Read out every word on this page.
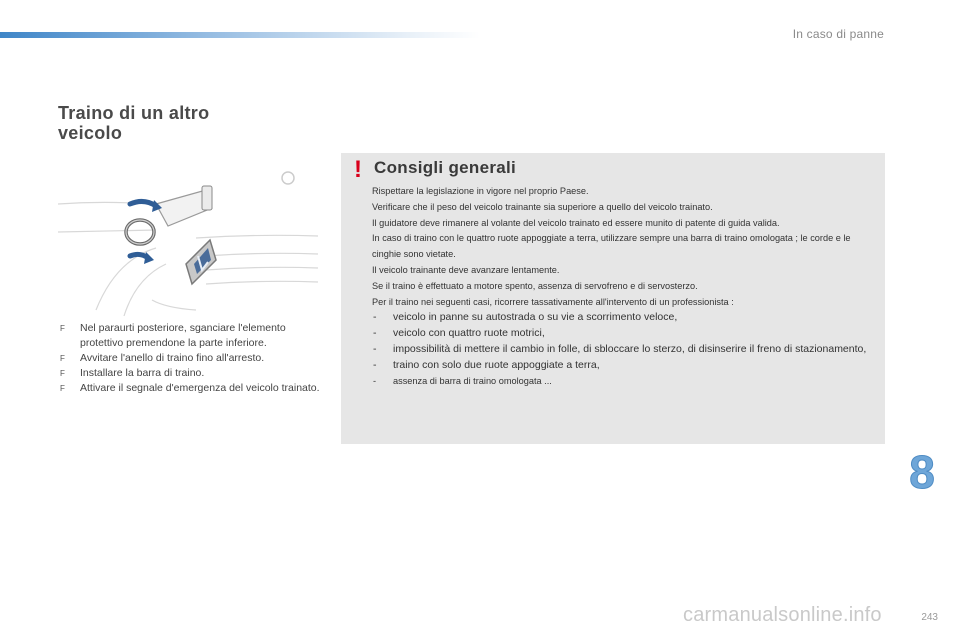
In caso di panne
Traino di un altro
veicolo
F Nel paraurti posteriore, sganciare l'elemento protettivo premendone la parte inferiore.
F Avvitare l'anello di traino fino all'arresto.
F Installare la barra di traino.
F Attivare il segnale d'emergenza del veicolo trainato.
! Consigli generali

Rispettare la legislazione in vigore nel proprio Paese.

Verificare che il peso del veicolo trainante sia superiore a quello del veicolo trainato.

Il guidatore deve rimanere al volante del veicolo trainato ed essere munito di patente di guida valida.

In caso di traino con le quattro ruote appoggiate a terra, utilizzare sempre una barra di traino omologata ; le corde e le cinghie sono vietate.

Il veicolo trainante deve avanzare lentamente.

Se il traino è effettuato a motore spento, assenza di servofreno e di servosterzo.

Per il traino nei seguenti casi, ricorrere tassativamente all'intervento di un professionista :

- veicolo in panne su autostrada o su vie a scorrimento veloce,
- veicolo con quattro ruote motrici,
- impossibilità di mettere il cambio in folle, di sbloccare lo sterzo, di disinserire il freno di stazionamento,
- traino con solo due ruote appoggiate a terra,
- assenza di barra di traino omologata ...
8
243
carmanualsonline.info
